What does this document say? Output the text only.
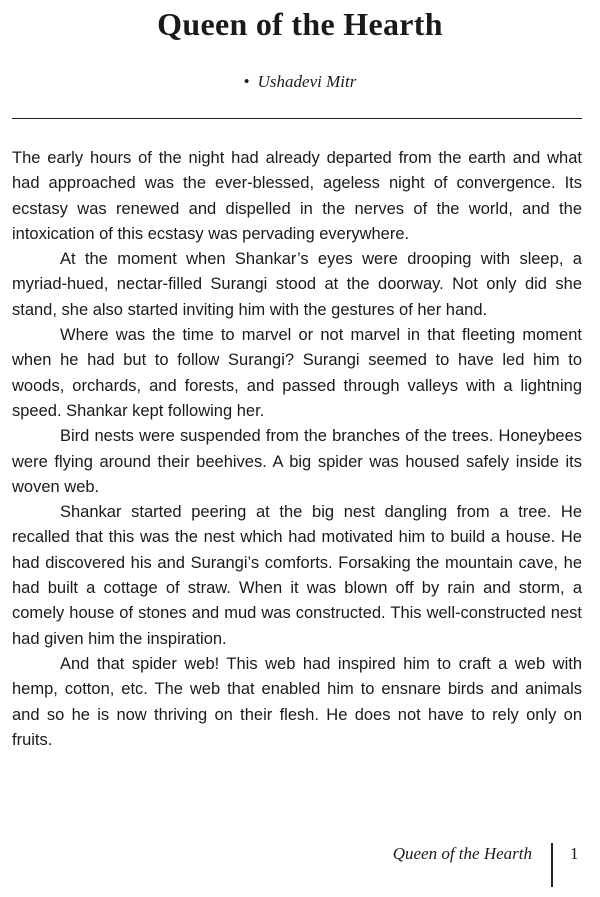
Queen of the Hearth
• Ushadevi Mitr

The early hours of the night had already departed from the earth and what had approached was the ever-blessed, ageless night of convergence. Its ecstasy was renewed and dispelled in the nerves of the world, and the intoxication of this ecstasy was pervading everywhere.

At the moment when Shankar’s eyes were drooping with sleep, a myriad-hued, nectar-filled Surangi stood at the doorway. Not only did she stand, she also started inviting him with the gestures of her hand.

Where was the time to marvel or not marvel in that fleeting moment when he had but to follow Surangi? Surangi seemed to have led him to woods, orchards, and forests, and passed through valleys with a lightning speed. Shankar kept following her.

Bird nests were suspended from the branches of the trees. Honeybees were flying around their beehives. A big spider was housed safely inside its woven web.

Shankar started peering at the big nest dangling from a tree. He recalled that this was the nest which had motivated him to build a house. He had discovered his and Surangi’s comforts. Forsaking the mountain cave, he had built a cottage of straw. When it was blown off by rain and storm, a comely house of stones and mud was constructed. This well-constructed nest had given him the inspiration.

And that spider web! This web had inspired him to craft a web with hemp, cotton, etc. The web that enabled him to ensnare birds and animals and so he is now thriving on their flesh. He does not have to rely only on fruits.

Queen of the Hearth 1
